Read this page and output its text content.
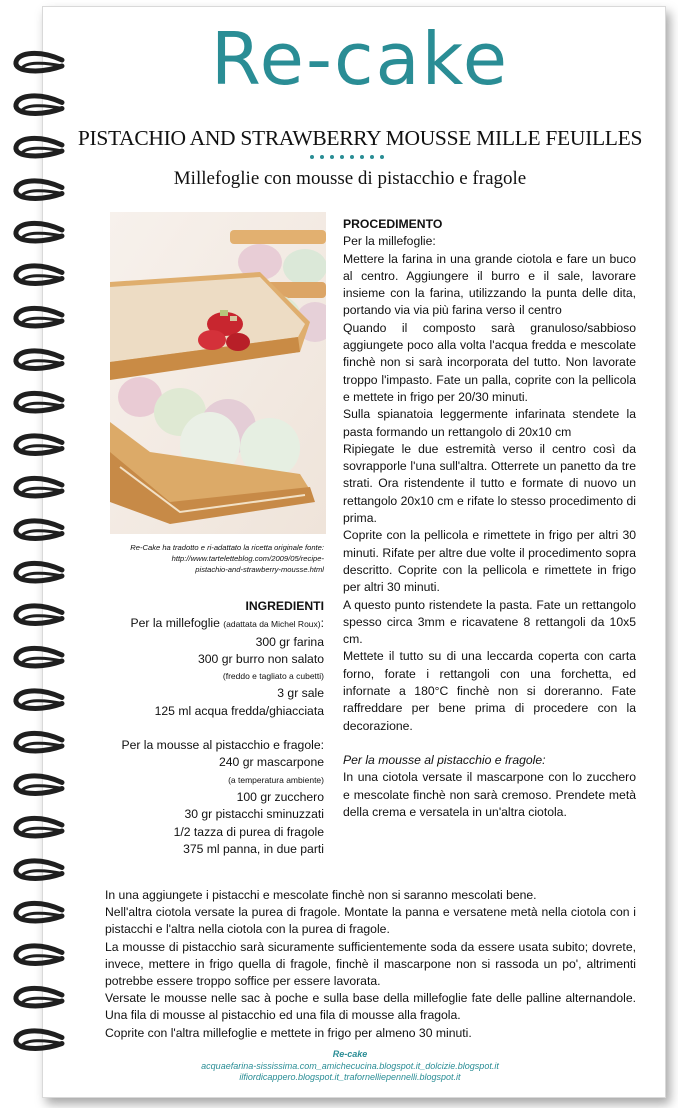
Re-cake
PISTACHIO AND STRAWBERRY MOUSSE MILLE FEUILLES
Millefoglie con mousse di pistacchio e fragole
Re-Cake ha tradotto e ri-adattato la ricetta originale fonte:
http://www.tarteletteblog.com/2009/05/recipe-
pistachio-and-strawberry-mousse.html
INGREDIENTI
Per la millefoglie (adattata da Michel Roux):
300 gr farina
300 gr burro non salato
(freddo e tagliato a cubetti)
3 gr sale
125 ml acqua fredda/ghiacciata
Per la mousse al pistacchio e fragole:
240 gr mascarpone
(a temperatura ambiente)
100 gr zucchero
30 gr pistacchi sminuzzati
1/2 tazza di purea di fragole
375 ml panna, in due parti
PROCEDIMENTO
Per la millefoglie:
Mettere la farina in una grande ciotola e fare un buco al centro. Aggiungere il burro e il sale, lavorare insieme con la farina, utilizzando la punta delle dita, portando via via più farina verso il centro
Quando il composto sarà granuloso/sabbioso aggiungete poco alla volta l'acqua fredda e mescolate finchè non si sarà incorporata del tutto. Non lavorate troppo l'impasto. Fate un palla, coprite con la pellicola e mettete in frigo per 20/30 minuti.
Sulla spianatoia leggermente infarinata stendete la pasta formando un rettangolo di 20x10 cm
Ripiegate le due estremità verso il centro così da sovrapporle l'una sull'altra. Otterrete un panetto da tre strati. Ora ristendente il tutto e formate di nuovo un rettangolo 20x10 cm e rifate lo stesso procedimento di prima.
Coprite con la pellicola e rimettete in frigo per altri 30 minuti. Rifate per altre due volte il procedimento sopra descritto. Coprite con la pellicola e rimettete in frigo per altri 30 minuti.
A questo punto ristendete la pasta. Fate un rettangolo spesso circa 3mm e ricavatene 8 rettangoli da 10x5 cm.
Mettete il tutto su di una leccarda coperta con carta forno, forate i rettangoli con una forchetta, ed infornate a 180°C finchè non si doreranno. Fate raffreddare per bene prima di procedere con la decorazione.
Per la mousse al pistacchio e fragole:
In una ciotola versate il mascarpone con lo zucchero e mescolate finchè non sarà cremoso. Prendete metà della crema e versatela in un'altra ciotola.
In una aggiungete i pistacchi e mescolate finchè non si saranno mescolati bene.
Nell'altra ciotola versate la purea di fragole. Montate la panna e versatene metà nella ciotola con i pistacchi e l'altra nella ciotola con la purea di fragole.
La mousse di pistacchio sarà sicuramente sufficientemente soda da essere usata subito; dovrete, invece, mettere in frigo quella di fragole, finchè il mascarpone non si rassoda un po', altrimenti potrebbe essere troppo soffice per essere lavorata.
Versate le mousse nelle sac à poche e sulla base della millefoglie fate delle palline alternandole. Una fila di mousse al pistacchio ed una fila di mousse alla fragola.
Coprite con l'altra millefoglie e mettete in frigo per almeno 30 minuti.
Re-cake
acquaefarina-sississima.com_amichecucina.blogspot.it_dolcizie.blogspot.it
ilfiordicappero.blogspot.it_trafornelliepennelli.blogspot.it
